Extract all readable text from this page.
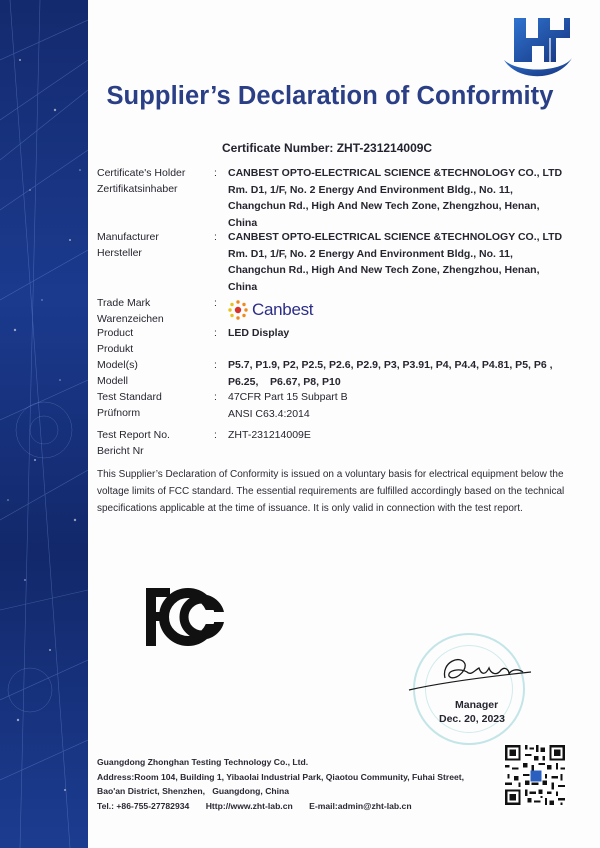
Supplier’s Declaration of Conformity
Certificate Number: ZHT-231214009C
Certificate's Holder
Zertifikatsinhaber
: CANBEST OPTO-ELECTRICAL SCIENCE &TECHNOLOGY CO., LTD
Rm. D1, 1/F, No. 2 Energy And Environment Bldg., No. 11,
Changchun Rd., High And New Tech Zone, Zhengzhou, Henan,
China
Manufacturer
Hersteller
: CANBEST OPTO-ELECTRICAL SCIENCE &TECHNOLOGY CO., LTD
Rm. D1, 1/F, No. 2 Energy And Environment Bldg., No. 11,
Changchun Rd., High And New Tech Zone, Zhengzhou, Henan,
China
Trade Mark
Warenzeichen
: Canbest
Product
Produkt
: LED Display
Model(s)
Modell
: P5.7, P1.9, P2, P2.5, P2.6, P2.9, P3, P3.91, P4, P4.4, P4.81, P5, P6 ,
P6.25,    P6.67, P8, P10
Test Standard
Prüfnorm
: 47CFR Part 15 Subpart B
ANSI C63.4:2014
Test Report No.
Bericht Nr
: ZHT-231214009E
This Supplier’s Declaration of Conformity is issued on a voluntary basis for electrical equipment below the
voltage limits of FCC standard. The essential requirements are fulfilled accordingly based on the technical
specifications applicable at the time of issuance. It is only valid in connection with the test report.
Manager
Dec. 20, 2023
Guangdong Zhonghan Testing Technology Co., Ltd.
Address:Room 104, Building 1, Yibaolai Industrial Park, Qiaotou Community, Fuhai Street,
Bao'an District, Shenzhen,   Guangdong, China
Tel.: +86-755-27782934 Http://www.zht-lab.cn E-mail:admin@zht-lab.cn
